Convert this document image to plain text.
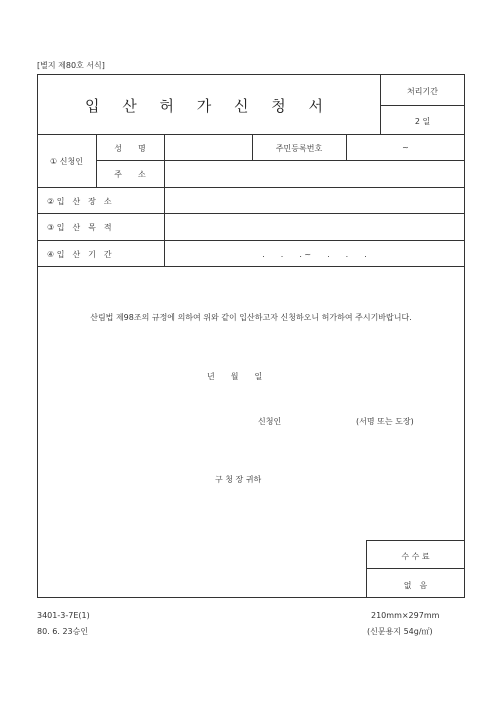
[별지 제80호 서식]
입 산 허 가 신 청 서
처리기간
2 일
① 신청인
성　　명	주민등록번호	~
주　　소
② 입　산　장　소
③ 입　산　목　적
④ 입　산　기　간	.　　.　　. ~　　.　　.　　.
산림법 제98조의 규정에 의하여 위와 같이 입산하고자 신청하오니 허가하여 주시기바랍니다.
년　　월　　일
신청인	(서명 또는 도장)
구 청 장 귀하
수 수 료
없　음
3401-3-7E(1)
80. 6. 23승인
210mm×297mm
(신문용지 54g/㎡)
